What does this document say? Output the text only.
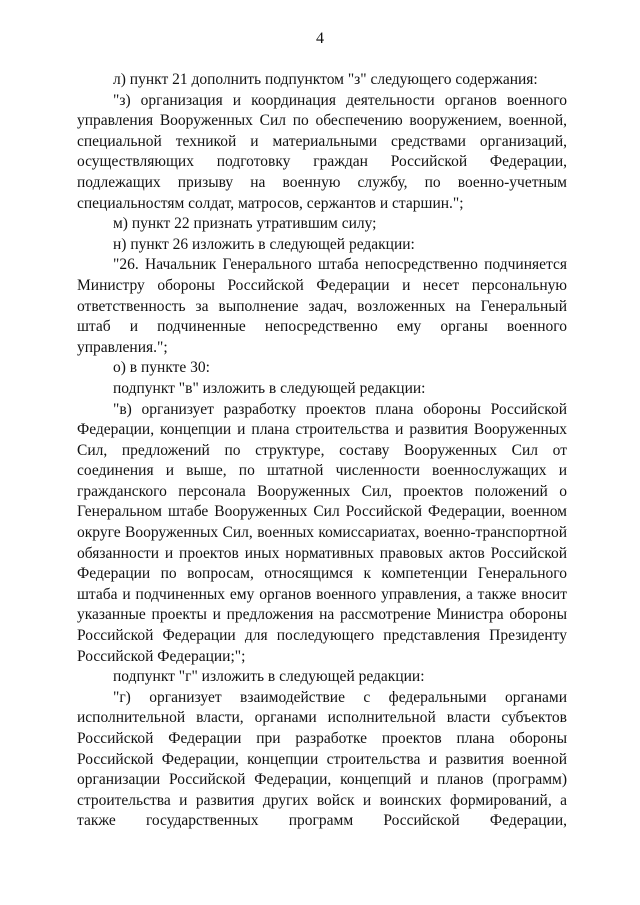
4

л) пункт 21 дополнить подпунктом "з" следующего содержания:

"з) организация и координация деятельности органов военного управления Вооруженных Сил по обеспечению вооружением, военной, специальной техникой и материальными средствами организаций, осуществляющих подготовку граждан Российской Федерации, подлежащих призыву на военную службу, по военно-учетным специальностям солдат, матросов, сержантов и старшин.";

м) пункт 22 признать утратившим силу;

н) пункт 26 изложить в следующей редакции:

"26. Начальник Генерального штаба непосредственно подчиняется Министру обороны Российской Федерации и несет персональную ответственность за выполнение задач, возложенных на Генеральный штаб и подчиненные непосредственно ему органы военного управления.";

о) в пункте 30:

подпункт "в" изложить в следующей редакции:

"в) организует разработку проектов плана обороны Российской Федерации, концепции и плана строительства и развития Вооруженных Сил, предложений по структуре, составу Вооруженных Сил от соединения и выше, по штатной численности военнослужащих и гражданского персонала Вооруженных Сил, проектов положений о Генеральном штабе Вооруженных Сил Российской Федерации, военном округе Вооруженных Сил, военных комиссариатах, военно-транспортной обязанности и проектов иных нормативных правовых актов Российской Федерации по вопросам, относящимся к компетенции Генерального штаба и подчиненных ему органов военного управления, а также вносит указанные проекты и предложения на рассмотрение Министра обороны Российской Федерации для последующего представления Президенту Российской Федерации;";

подпункт "г" изложить в следующей редакции:

"г) организует взаимодействие с федеральными органами исполнительной власти, органами исполнительной власти субъектов Российской Федерации при разработке проектов плана обороны Российской Федерации, концепции строительства и развития военной организации Российской Федерации, концепций и планов (программ) строительства и развития других войск и воинских формирований, а также государственных программ Российской Федерации,
